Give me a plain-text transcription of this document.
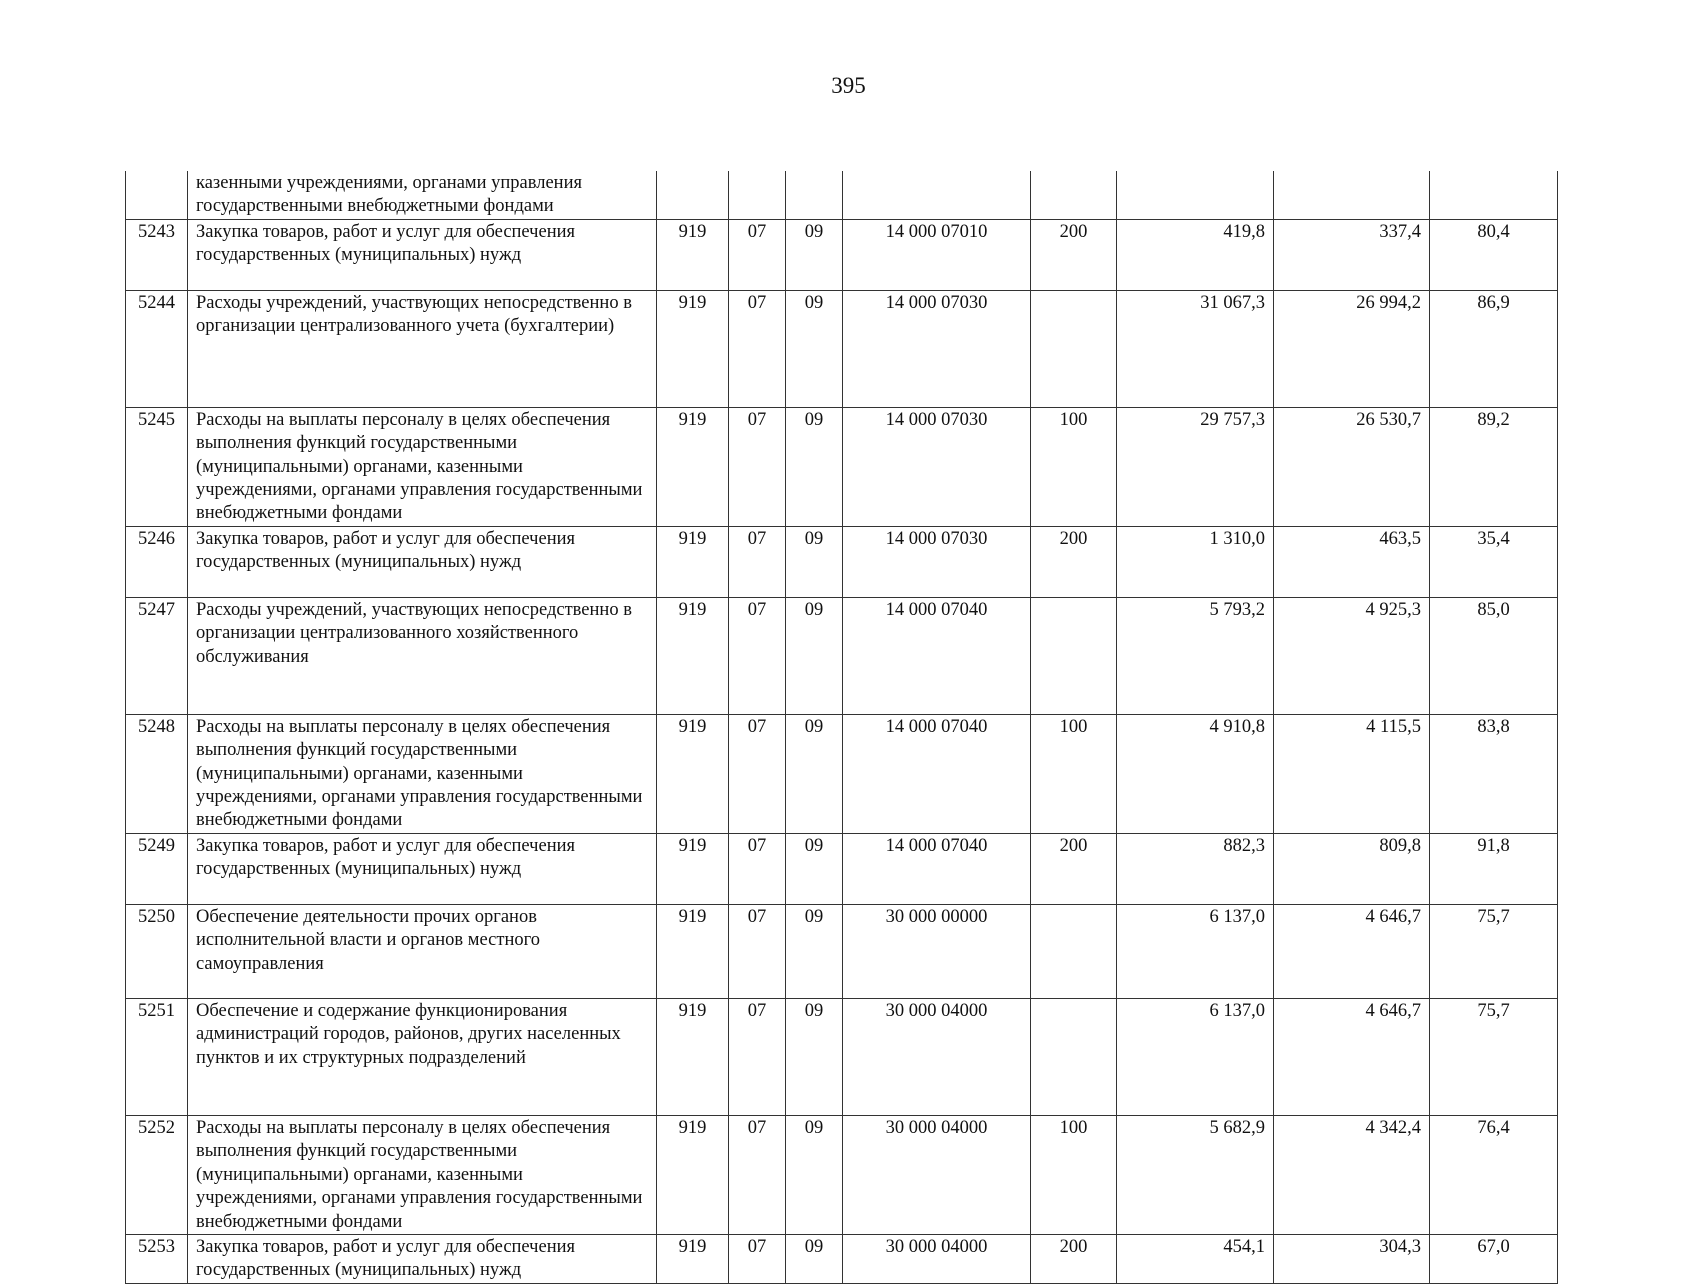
395
	казенными учреждениями, органами управления государственными внебюджетными фондами								
5243	Закупка товаров, работ и услуг для обеспечения государственных (муниципальных) нужд	919	07	09	14 000 07010	200	419,8	337,4	80,4
5244	Расходы учреждений, участвующих непосредственно в организации централизованного учета (бухгалтерии)	919	07	09	14 000 07030		31 067,3	26 994,2	86,9
5245	Расходы на выплаты персоналу в целях обеспечения выполнения функций государственными (муниципальными) органами, казенными учреждениями, органами управления государственными внебюджетными фондами	919	07	09	14 000 07030	100	29 757,3	26 530,7	89,2
5246	Закупка товаров, работ и услуг для обеспечения государственных (муниципальных) нужд	919	07	09	14 000 07030	200	1 310,0	463,5	35,4
5247	Расходы учреждений, участвующих непосредственно в организации централизованного хозяйственного обслуживания	919	07	09	14 000 07040		5 793,2	4 925,3	85,0
5248	Расходы на выплаты персоналу в целях обеспечения выполнения функций государственными (муниципальными) органами, казенными учреждениями, органами управления государственными внебюджетными фондами	919	07	09	14 000 07040	100	4 910,8	4 115,5	83,8
5249	Закупка товаров, работ и услуг для обеспечения государственных (муниципальных) нужд	919	07	09	14 000 07040	200	882,3	809,8	91,8
5250	Обеспечение деятельности прочих органов исполнительной власти и органов местного самоуправления	919	07	09	30 000 00000		6 137,0	4 646,7	75,7
5251	Обеспечение и содержание функционирования администраций городов, районов, других населенных пунктов и их структурных подразделений	919	07	09	30 000 04000		6 137,0	4 646,7	75,7
5252	Расходы на выплаты персоналу в целях обеспечения выполнения функций государственными (муниципальными) органами, казенными учреждениями, органами управления государственными внебюджетными фондами	919	07	09	30 000 04000	100	5 682,9	4 342,4	76,4
5253	Закупка товаров, работ и услуг для обеспечения государственных (муниципальных) нужд	919	07	09	30 000 04000	200	454,1	304,3	67,0
